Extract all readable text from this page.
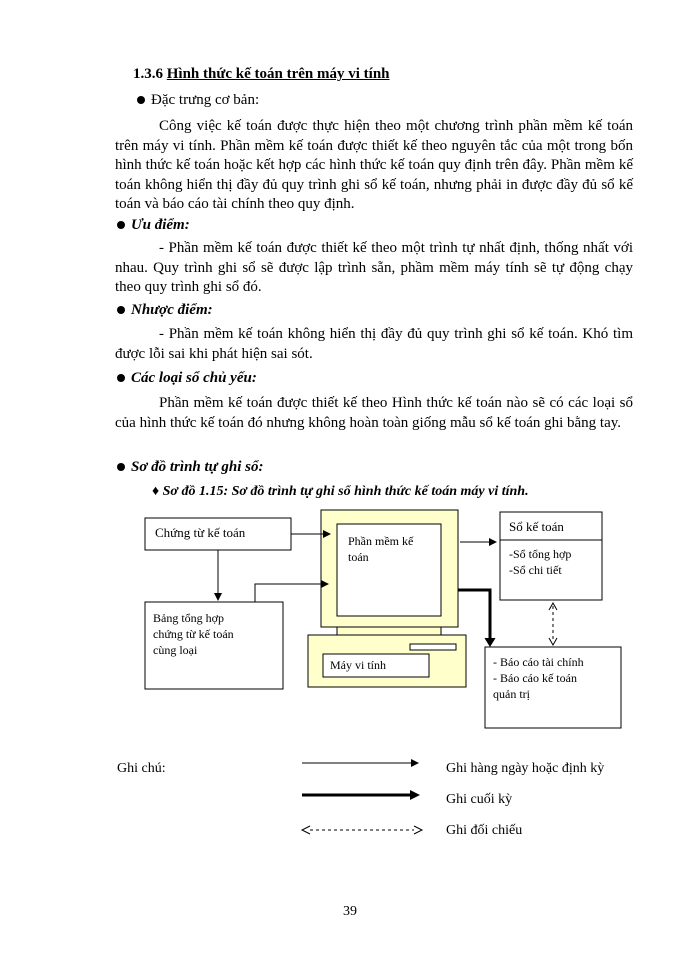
1.3.6 Hình thức kế toán trên máy vi tính
Đặc trưng cơ bản:

Công việc kế toán được thực hiện theo một chương trình phần mềm kế toán trên máy vi tính. Phần mềm kế toán được thiết kế theo nguyên tắc của một trong bốn hình thức kế toán hoặc kết hợp các hình thức kế toán quy định trên đây. Phần mềm kế toán không hiển thị đầy đủ quy trình ghi sổ kế toán, nhưng phải in được đầy đủ sổ kế toán và báo cáo tài chính theo quy định.

Ưu điểm:

- Phần mềm kế toán được thiết kế theo một trình tự nhất định, thống nhất với nhau. Quy trình ghi sổ sẽ được lập trình sẵn, phầm mềm máy tính sẽ tự động chạy theo quy trình ghi sổ đó.

Nhược điểm:

- Phần mềm kế toán không hiển thị đầy đủ quy trình ghi sổ kế toán. Khó tìm được lỗi sai khi phát hiện sai sót.

Các loại sổ chủ yếu:

Phần mềm kế toán được thiết kế theo Hình thức kế toán nào sẽ có các loại sổ của hình thức kế toán đó nhưng không hoàn toàn giống mẫu sổ kế toán ghi bằng tay.

Sơ đồ trình tự ghi sổ:
♦ Sơ đồ 1.15: Sơ đồ trình tự ghi sổ hình thức kế toán máy vi tính.
Chứng từ kế toán
Bảng tổng hợp
chứng từ kế toán
cùng loại
Phần mềm kế
toán
Máy vi tính
Sổ kế toán
-Sổ tổng hợp
-Sổ chi tiết
- Báo cáo tài chính
- Báo cáo kế toán
quản trị
Ghi chú:	Ghi hàng ngày hoặc định kỳ
Ghi cuối kỳ
Ghi đối chiếu
39
